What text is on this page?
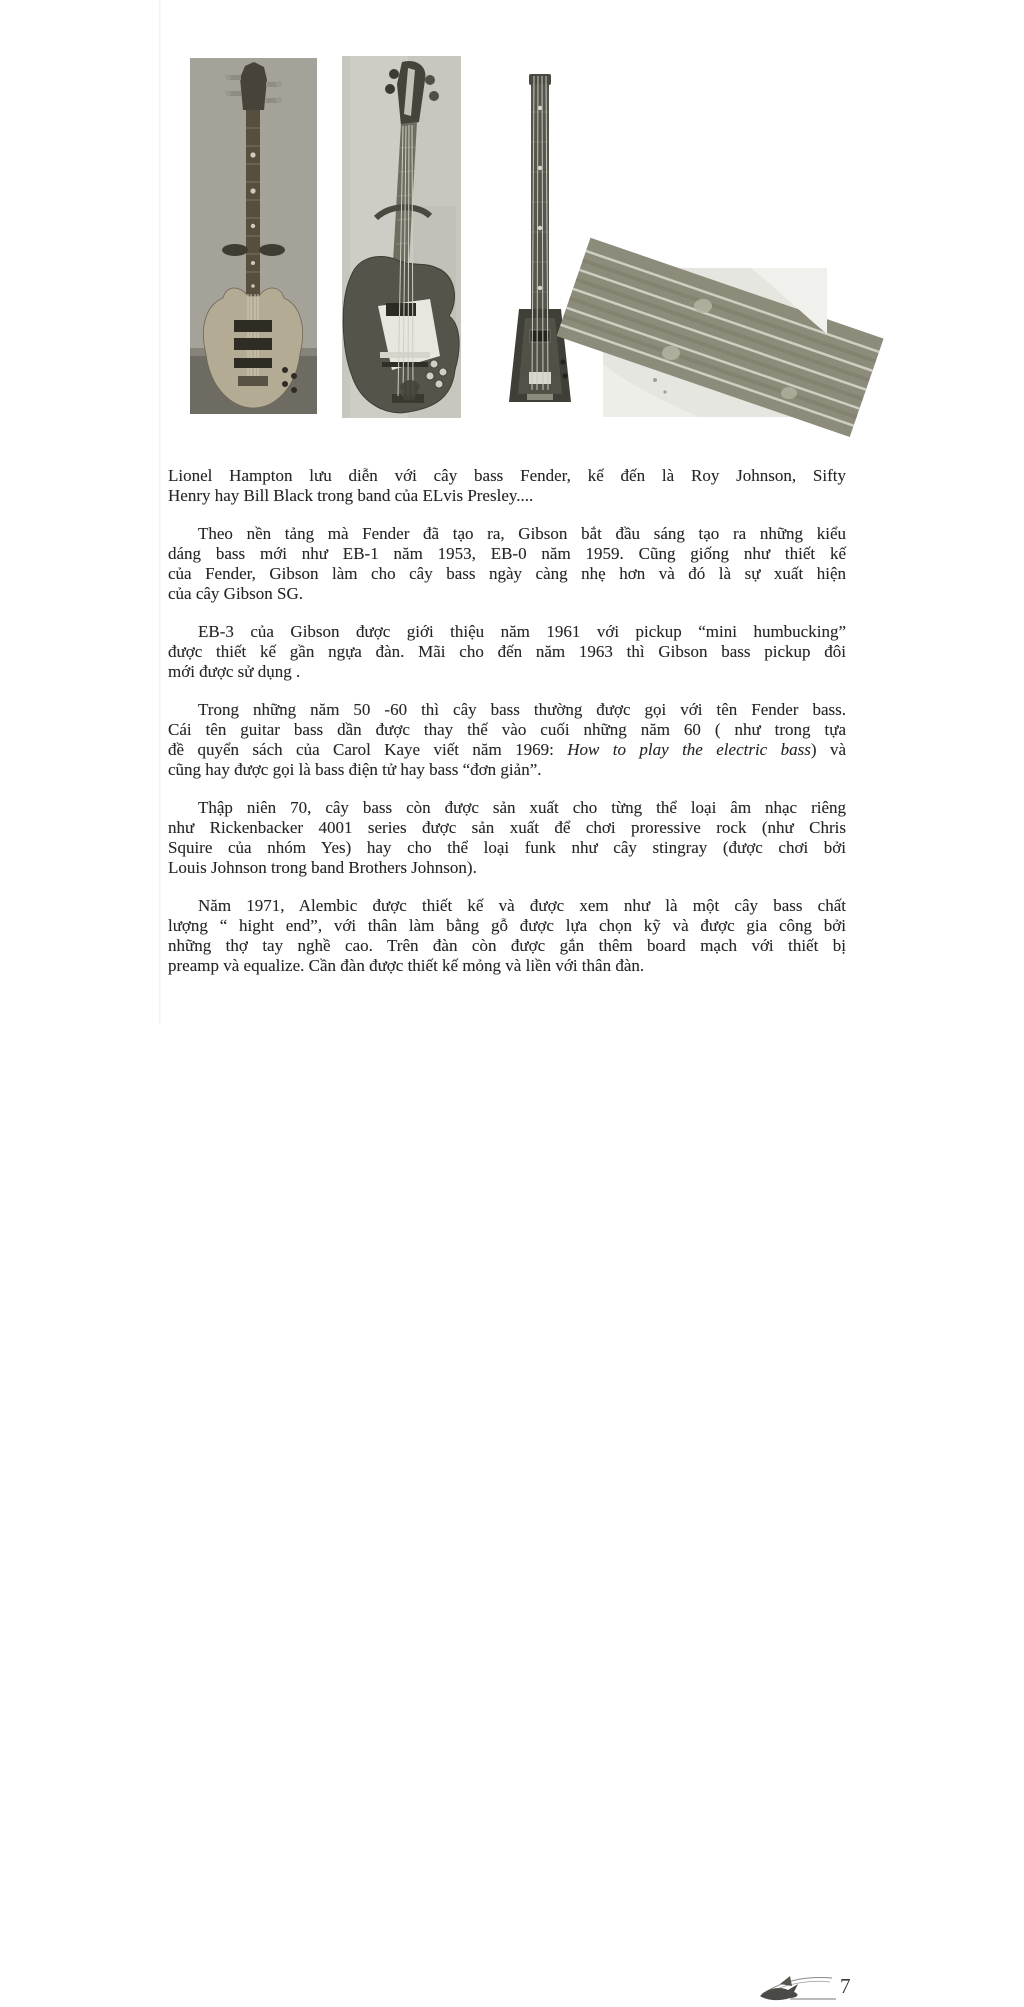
Lionel Hampton lưu diễn với cây bass Fender, kế đến là Roy Johnson, Sifty
Henry hay Bill Black trong band của ELvis Presley....

Theo nền tảng mà Fender đã tạo ra, Gibson bắt đầu sáng tạo ra những kiểu
dáng bass mới như EB-1 năm 1953, EB-0 năm 1959. Cũng giống như thiết kế
của Fender, Gibson làm cho cây bass ngày càng nhẹ hơn và đó là sự xuất hiện
của cây Gibson SG.

EB-3 của Gibson được giới thiệu năm 1961 với pickup “mini humbucking”
được thiết kế gần ngựa đàn. Mãi cho đến năm 1963 thì Gibson bass pickup đôi
mới được sử dụng .

Trong những năm 50 -60 thì cây bass thường được gọi với tên Fender bass.
Cái tên guitar bass dần được thay thế vào cuối những năm 60 ( như trong tựa
đề quyển sách của Carol Kaye viết năm 1969: How to play the electric bass) và
cũng hay được gọi là bass điện tử hay bass “đơn giản”.

Thập niên 70, cây bass còn được sản xuất cho từng thể loại âm nhạc riêng
như Rickenbacker 4001 series được sản xuất để chơi proressive rock (như Chris
Squire của nhóm Yes) hay cho thể loại funk như cây stingray (được chơi bởi
Louis Johnson trong band Brothers Johnson).

Năm 1971, Alembic được thiết kế và được xem như là một cây bass chất
lượng “ hight end”, với thân làm bằng gỗ được lựa chọn kỹ và được gia công bởi
những thợ tay nghề cao. Trên đàn còn được gắn thêm board mạch với thiết bị
preamp và equalize. Cần đàn được thiết kế mỏng và liền với thân đàn.

7
